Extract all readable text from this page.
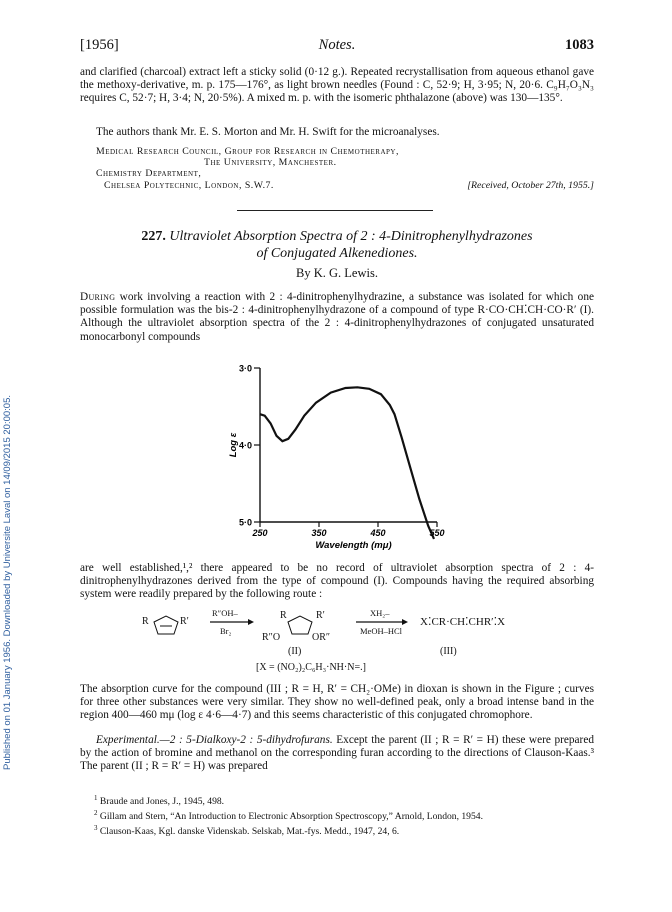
Published on 01 January 1956. Downloaded by Universite Laval on 14/09/2015 20:00:05.
[1956]	Notes.	1083

and clarified (charcoal) extract left a sticky solid (0·12 g.). Repeated recrystallisation from aqueous ethanol gave the methoxy-derivative, m. p. 175—176°, as light brown needles (Found : C, 52·9; H, 3·95; N, 20·6. C₉H₇O₃N₃ requires C, 52·7; H, 3·4; N, 20·5%). A mixed m. p. with the isomeric phthalazone (above) was 130—135°.

The authors thank Mr. E. S. Morton and Mr. H. Swift for the microanalyses.

Medical Research Council, Group for Research in Chemotherapy,
The University, Manchester.
Chemistry Department,
Chelsea Polytechnic, London, S.W.7.	[Received, October 27th, 1955.]
227. Ultraviolet Absorption Spectra of 2 : 4-Dinitrophenylhydrazones
of Conjugated Alkenediones.
By K. G. Lewis.

During work involving a reaction with 2 : 4-dinitrophenylhydrazine, a substance was isolated for which one possible formulation was the bis-2 : 4-dinitrophenylhydrazone of a compound of type R·CO·CH⁚CH·CO·R′ (I). Although the ultraviolet absorption spectra of the 2 : 4-dinitrophenylhydrazones of conjugated unsaturated monocarbonyl compounds

3·0
4·0
5·0
250	350	450	550
Wavelength (mμ)
Log ε

are well established,¹,² there appeared to be no record of ultraviolet absorption spectra of 2 : 4-dinitrophenylhydrazones derived from the type of compound (I). Compounds having the required absorbing system were readily prepared by the following route :

R	R′
R″OH–
Br₂
R	R′
R″O	OR″
XH₂–
MeOH–HCl
X⁚CR·CH⁚CHR′⁚X
(II)	(III)
[X = (NO₂)₂C₆H₃·NH·N=.]

The absorption curve for the compound (III ; R = H, R′ = CH₂·OMe) in dioxan is shown in the Figure ; curves for three other substances were very similar. They show no well-defined peak, only a broad intense band in the region 400—460 mμ (log ε 4·6—4·7) and this seems characteristic of this conjugated chromophore.

Experimental.—2 : 5-Dialkoxy-2 : 5-dihydrofurans. Except the parent (II ; R = R′ = H) these were prepared by the action of bromine and methanol on the corresponding furan according to the directions of Clauson-Kaas.³ The parent (II ; R = R′ = H) was prepared

$^1$ Braude and Jones, J., 1945, 498.
$^2$ Gillam and Stern, “An Introduction to Electronic Absorption Spectroscopy,” Arnold, London, 1954.
$^3$ Clauson-Kaas, Kgl. danske Videnskab. Selskab, Mat.-fys. Medd., 1947, 24, 6.
